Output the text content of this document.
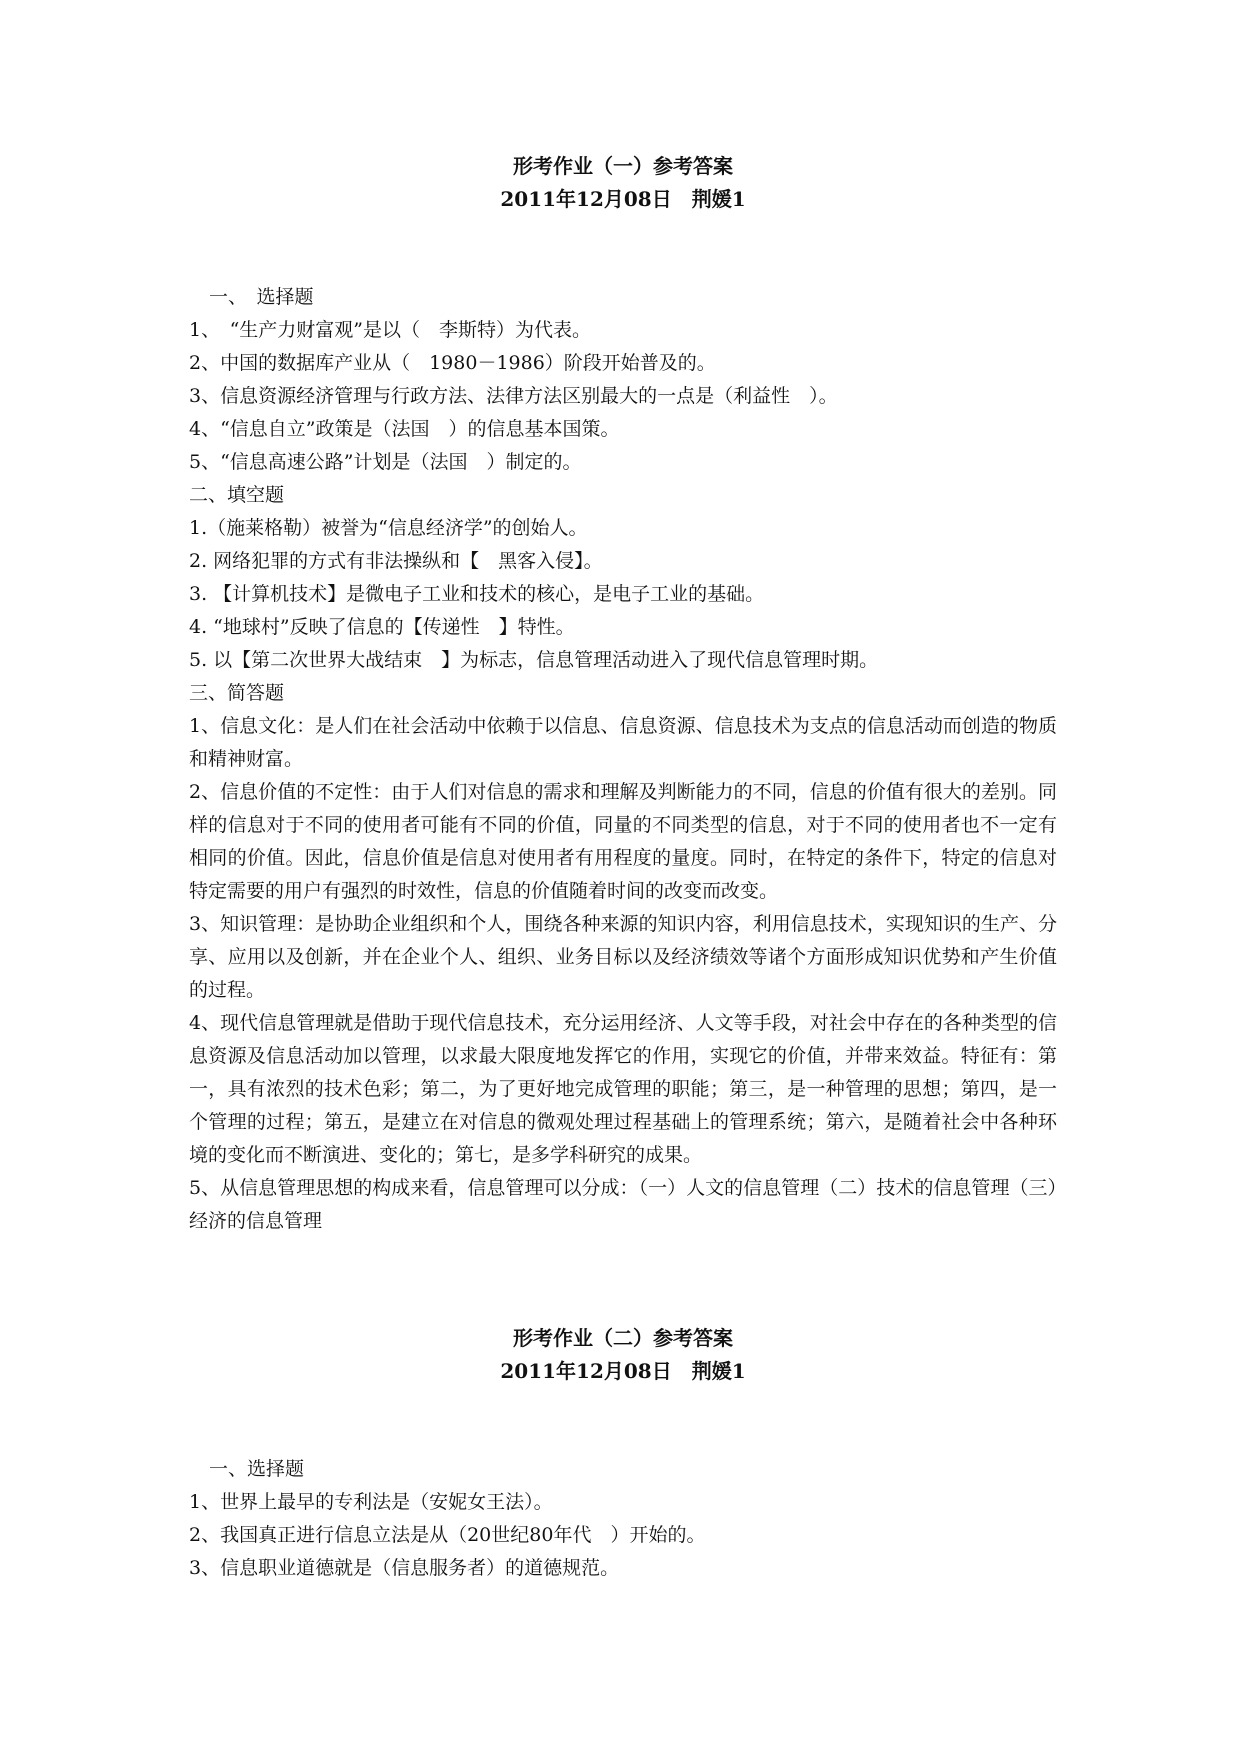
形考作业（一）参考答案
2011年12月08日　荆媛1
一、　选择题
1、　“生产力财富观”是以（　李斯特）为代表。
2、中国的数据库产业从（　1980－1986）阶段开始普及的。
3、信息资源经济管理与行政方法、法律方法区别最大的一点是（利益性　）。
4、“信息自立”政策是（法国　）的信息基本国策。
5、“信息高速公路”计划是（法国　）制定的。
二、填空题
1.（施莱格勒）被誉为“信息经济学”的创始人。
2. 网络犯罪的方式有非法操纵和【　黑客入侵】。
3. 【计算机技术】是微电子工业和技术的核心，是电子工业的基础。
4. “地球村”反映了信息的【传递性　】特性。
5. 以【第二次世界大战结束　】为标志，信息管理活动进入了现代信息管理时期。
三、简答题
1、信息文化：是人们在社会活动中依赖于以信息、信息资源、信息技术为支点的信息活动而创造的物质和精神财富。
2、信息价值的不定性：由于人们对信息的需求和理解及判断能力的不同，信息的价值有很大的差别。同样的信息对于不同的使用者可能有不同的价值，同量的不同类型的信息，对于不同的使用者也不一定有相同的价值。因此，信息价值是信息对使用者有用程度的量度。同时，在特定的条件下，特定的信息对特定需要的用户有强烈的时效性，信息的价值随着时间的改变而改变。
3、知识管理：是协助企业组织和个人，围绕各种来源的知识内容，利用信息技术，实现知识的生产、分享、应用以及创新，并在企业个人、组织、业务目标以及经济绩效等诸个方面形成知识优势和产生价值的过程。
4、现代信息管理就是借助于现代信息技术，充分运用经济、人文等手段，对社会中存在的各种类型的信息资源及信息活动加以管理，以求最大限度地发挥它的作用，实现它的价值，并带来效益。特征有：第一，具有浓烈的技术色彩；第二，为了更好地完成管理的职能；第三，是一种管理的思想；第四，是一个管理的过程；第五，是建立在对信息的微观处理过程基础上的管理系统；第六，是随着社会中各种环境的变化而不断演进、变化的；第七，是多学科研究的成果。
5、从信息管理思想的构成来看，信息管理可以分成：（一）人文的信息管理（二）技术的信息管理（三）经济的信息管理
形考作业（二）参考答案
2011年12月08日　荆媛1
一、选择题
1、世界上最早的专利法是（安妮女王法）。
2、我国真正进行信息立法是从（20世纪80年代　）开始的。
3、信息职业道德就是（信息服务者）的道德规范。
